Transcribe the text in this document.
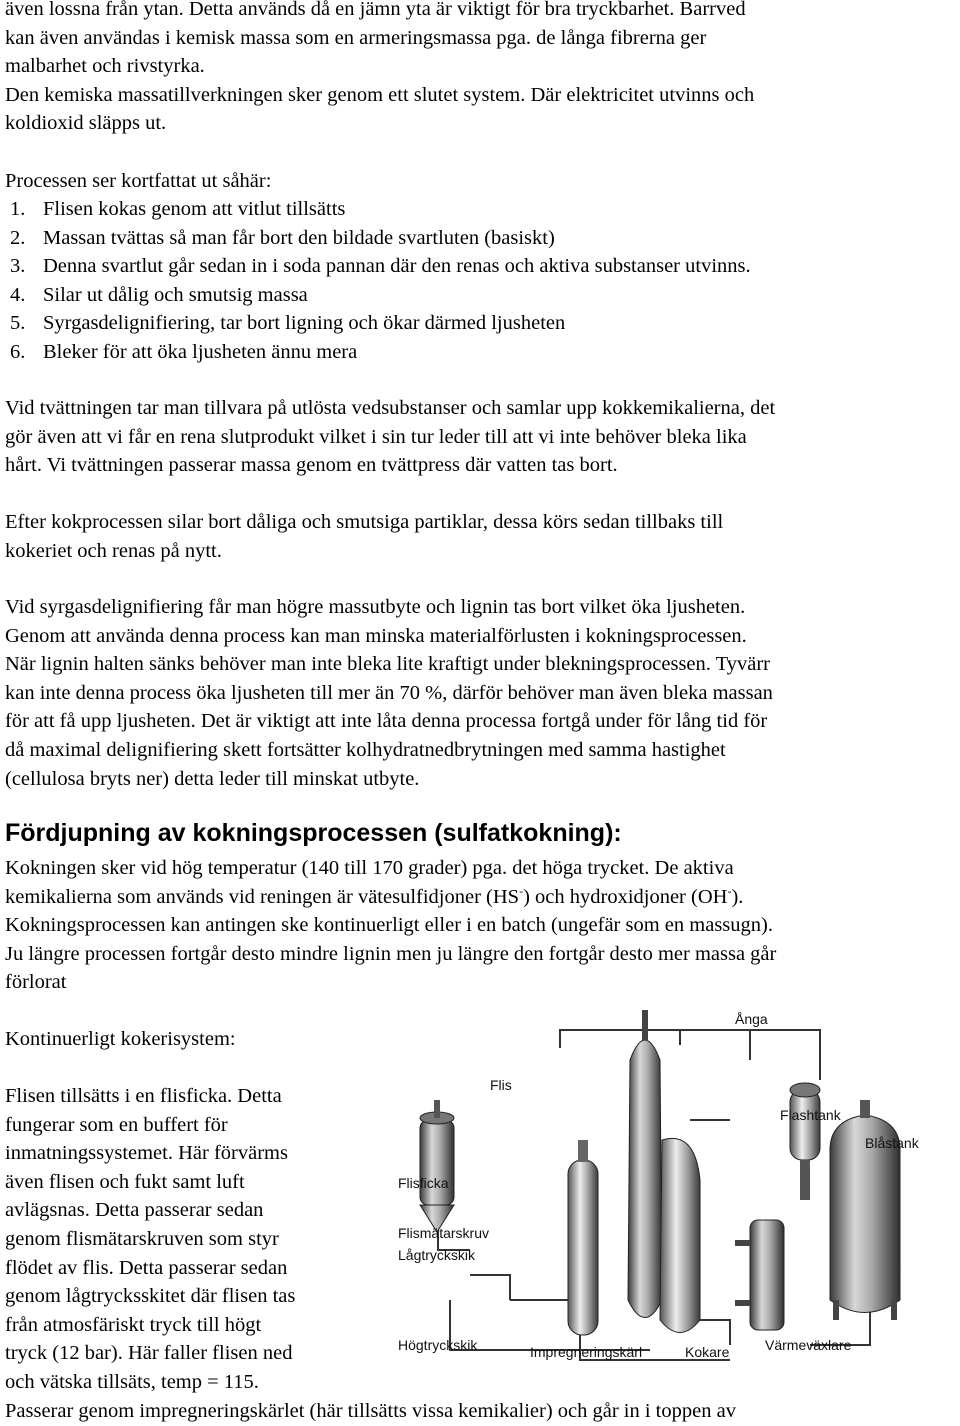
även lossna från ytan. Detta används då en jämn yta är viktigt för bra tryckbarhet. Barrved

kan även användas i kemisk massa som en armeringsmassa pga. de långa fibrerna ger

malbarhet och rivstyrka.

Den kemiska massatillverkningen sker genom ett slutet system. Där elektricitet utvinns och

koldioxid släpps ut.

Processen ser kortfattat ut såhär:

1. Flisen kokas genom att vitlut tillsätts
2. Massan tvättas så man får bort den bildade svartluten (basiskt)
3. Denna svartlut går sedan in i soda pannan där den renas och aktiva substanser utvinns.
4. Silar ut dålig och smutsig massa
5. Syrgasdelignifiering, tar bort ligning och ökar därmed ljusheten
6. Bleker för att öka ljusheten ännu mera

Vid tvättningen tar man tillvara på utlösta vedsubstanser och samlar upp kokkemikalierna, det

gör även att vi får en rena slutprodukt vilket i sin tur leder till att vi inte behöver bleka lika

hårt. Vi tvättningen passerar massa genom en tvättpress där vatten tas bort.

Efter kokprocessen silar bort dåliga och smutsiga partiklar, dessa körs sedan tillbaks till

kokeriet och renas på nytt.

Vid syrgasdelignifiering får man högre massutbyte och lignin tas bort vilket öka ljusheten.

Genom att använda denna process kan man minska materialförlusten i kokningsprocessen.

När lignin halten sänks behöver man inte bleka lite kraftigt under blekningsprocessen. Tyvärr

kan inte denna process öka ljusheten till mer än 70 %, därför behöver man även bleka massan

för att få upp ljusheten. Det är viktigt att inte låta denna processa fortgå under för lång tid för

då maximal delignifiering skett fortsätter kolhydratnedbrytningen med samma hastighet

(cellulosa bryts ner) detta leder till minskat utbyte.

Fördjupning av kokningsprocessen (sulfatkokning):

Kokningen sker vid hög temperatur (140 till 170 grader) pga. det höga trycket. De aktiva

kemikalierna som används vid reningen är vätesulfidjoner (HS-) och hydroxidjoner (OH-).

Kokningsprocessen kan antingen ske kontinuerligt eller i en batch (ungefär som en massugn).

Ju längre processen fortgår desto mindre lignin men ju längre den fortgår desto mer massa går

förlorat

Kontinuerligt kokerisystem:

Flisen tillsätts i en flisficka. Detta

fungerar som en buffert för

inmatningssystemet. Här förvärms

även flisen och fukt samt luft

avlägsnas. Detta passerar sedan

genom flismätarskruven som styr

flödet av flis. Detta passerar sedan

genom lågtrycksskitet där flisen tas

från atmosfäriskt tryck till högt

tryck (12 bar). Här faller flisen ned

och vätska tillsäts, temp = 115.

Ånga
Flis
Flashtank
Blåstank
Flisficka
Flismätarskruv
Lågtryckskik
Högtryckskik	Impregneringskärl	Kokare	Värmeväxlare

Passerar genom impregneringskärlet (här tillsätts vissa kemikalier) och går in i toppen av
